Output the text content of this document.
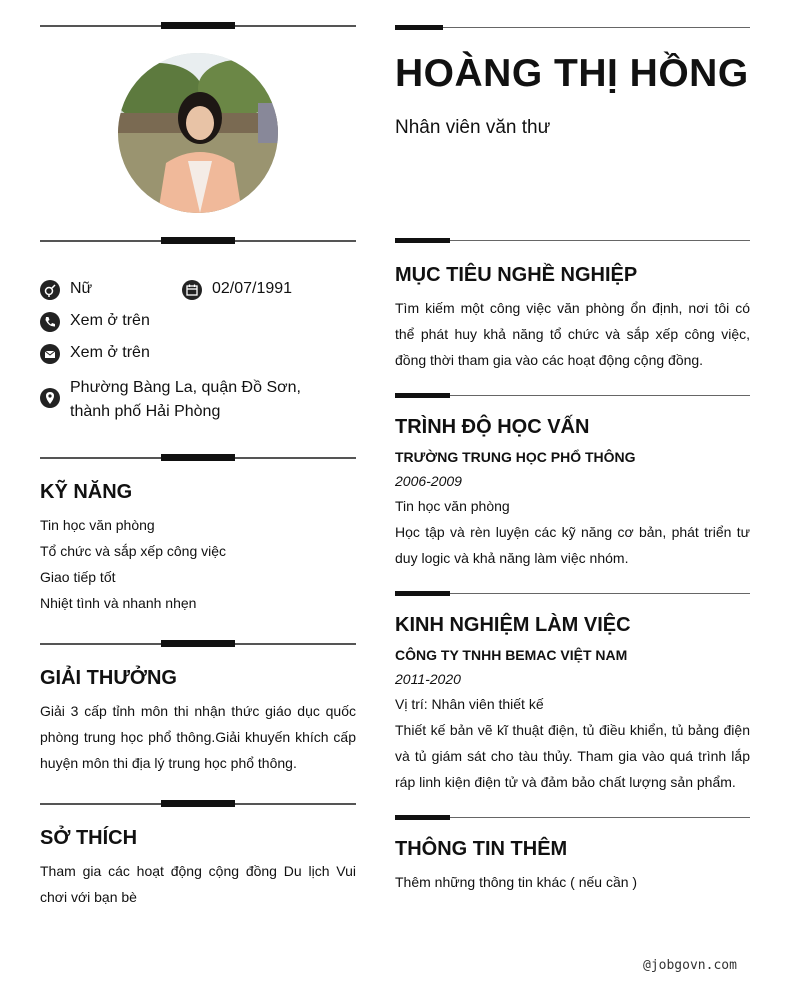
Nữ	02/07/1991
Xem ở trên
Xem ở trên
Phường Bàng La, quận Đồ Sơn, thành phố Hải Phòng
KỸ NĂNG
Tin học văn phòng
Tổ chức và sắp xếp công việc
Giao tiếp tốt
Nhiệt tình và nhanh nhẹn
GIẢI THƯỞNG
Giải 3 cấp tỉnh môn thi nhận thức giáo dục quốc phòng trung học phổ thông.Giải khuyến khích cấp huyện môn thi địa lý trung học phổ thông.
SỞ THÍCH
Tham gia các hoạt động cộng đồng Du lịch Vui chơi với bạn bè
HOÀNG THỊ HỒNG
Nhân viên văn thư
MỤC TIÊU NGHỀ NGHIỆP
Tìm kiếm một công việc văn phòng ổn định, nơi tôi có thể phát huy khả năng tổ chức và sắp xếp công việc, đồng thời tham gia vào các hoạt động cộng đồng.
TRÌNH ĐỘ HỌC VẤN
TRƯỜNG TRUNG HỌC PHỔ THÔNG
2006-2009
Tin học văn phòng
Học tập và rèn luyện các kỹ năng cơ bản, phát triển tư duy logic và khả năng làm việc nhóm.
KINH NGHIỆM LÀM VIỆC
CÔNG TY TNHH BEMAC VIỆT NAM
2011-2020
Vị trí: Nhân viên thiết kế
Thiết kế bản vẽ kĩ thuật điện, tủ điều khiển, tủ bảng điện và tủ giám sát cho tàu thủy. Tham gia vào quá trình lắp ráp linh kiện điện tử và đảm bảo chất lượng sản phẩm.
THÔNG TIN THÊM
Thêm những thông tin khác ( nếu cần )
@jobgovn.com
